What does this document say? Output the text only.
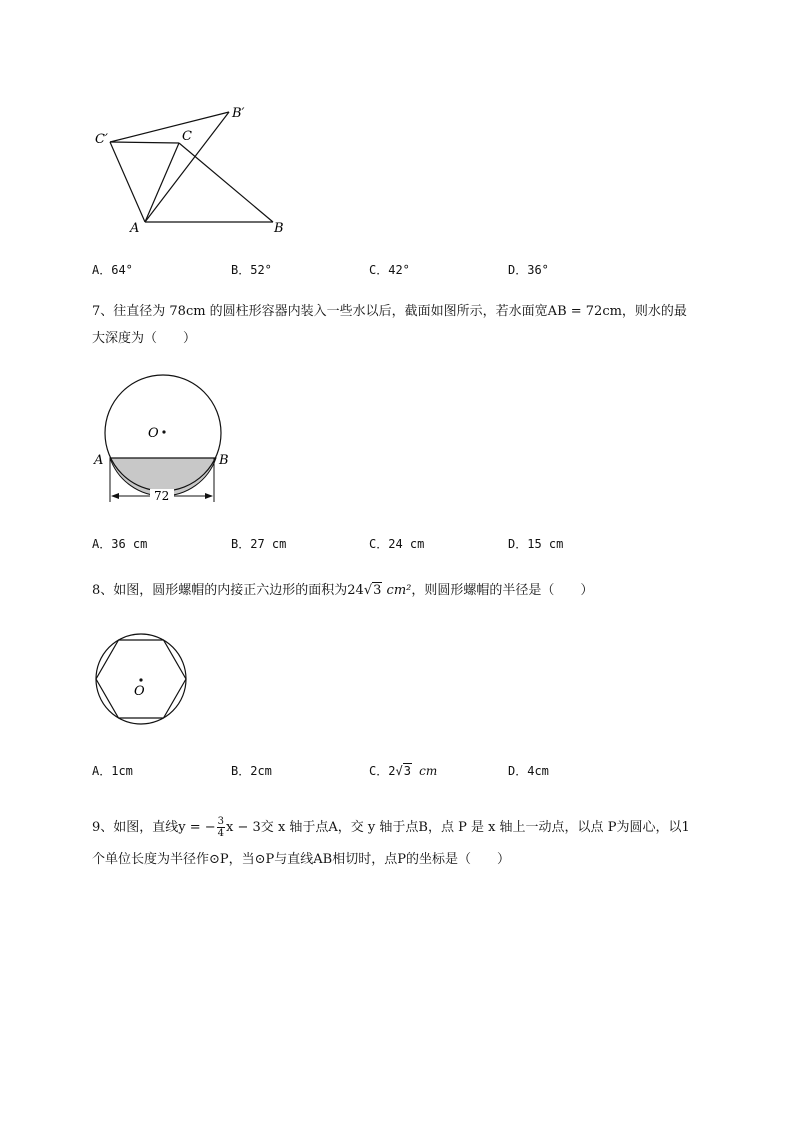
C′	C
B′
A	B
A．64°	B．52°	C．42°	D．36°
7、往直径为 78cm 的圆柱形容器内装入一些水以后，截面如图所示，若水面宽AB = 72cm，则水的最
大深度为（　　）
O
A	B
72
A．36 cm	B．27 cm	C．24 cm	D．15 cm
8、如图，圆形螺帽的内接正六边形的面积为24√3 cm²，则圆形螺帽的半径是（　　）
O
A．1cm	B．2cm	C．2√3 cm	D．4cm
9、如图，直线y = − $\frac{3}{4}$ x − 3交 x 轴于点A，交 y 轴于点B，点 P 是 x 轴上一动点，以点 P为圆心，以1
个单位长度为半径作⊙P，当⊙P与直线AB相切时，点P的坐标是（　　）
